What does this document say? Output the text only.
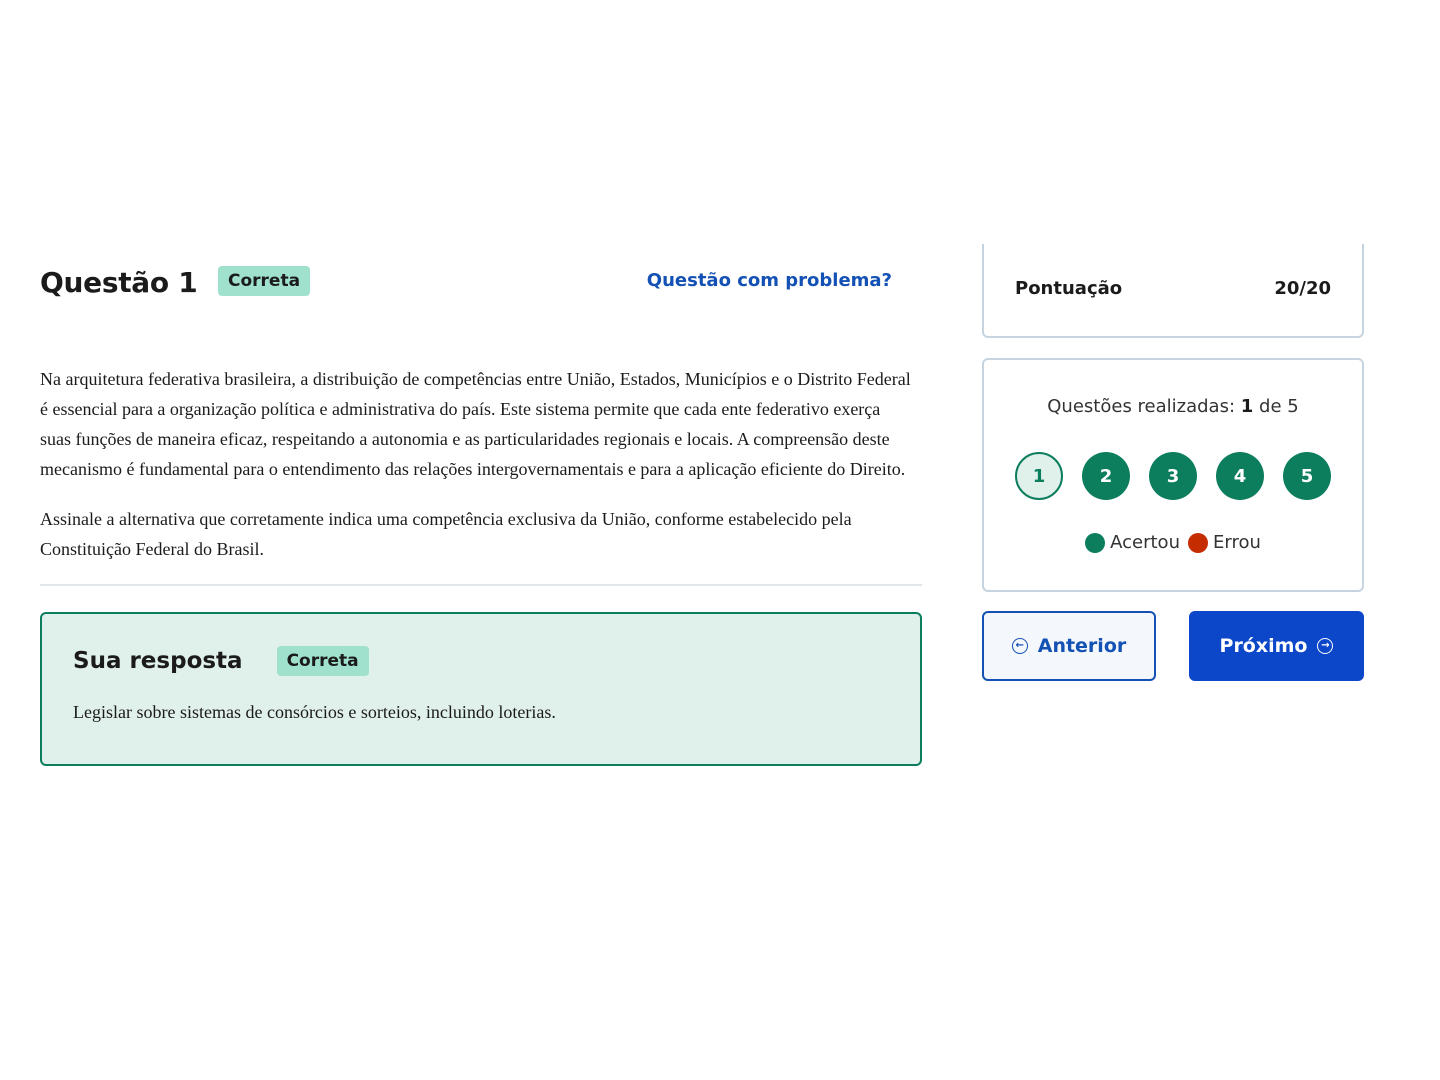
Questão 1	Correta	Questão com problema?

Na arquitetura federativa brasileira, a distribuição de competências entre União, Estados, Municípios e o Distrito Federal é essencial para a organização política e administrativa do país. Este sistema permite que cada ente federativo exerça suas funções de maneira eficaz, respeitando a autonomia e as particularidades regionais e locais. A compreensão deste mecanismo é fundamental para o entendimento das relações intergovernamentais e para a aplicação eficiente do Direito.

Assinale a alternativa que corretamente indica uma competência exclusiva da União, conforme estabelecido pela Constituição Federal do Brasil.

Sua resposta	Correta

Legislar sobre sistemas de consórcios e sorteios, incluindo loterias.

Pontuação	20/20
Questões realizadas: 1 de 5
1	2	3	4	5
Acertou Errou
← Anterior	Próximo	→
